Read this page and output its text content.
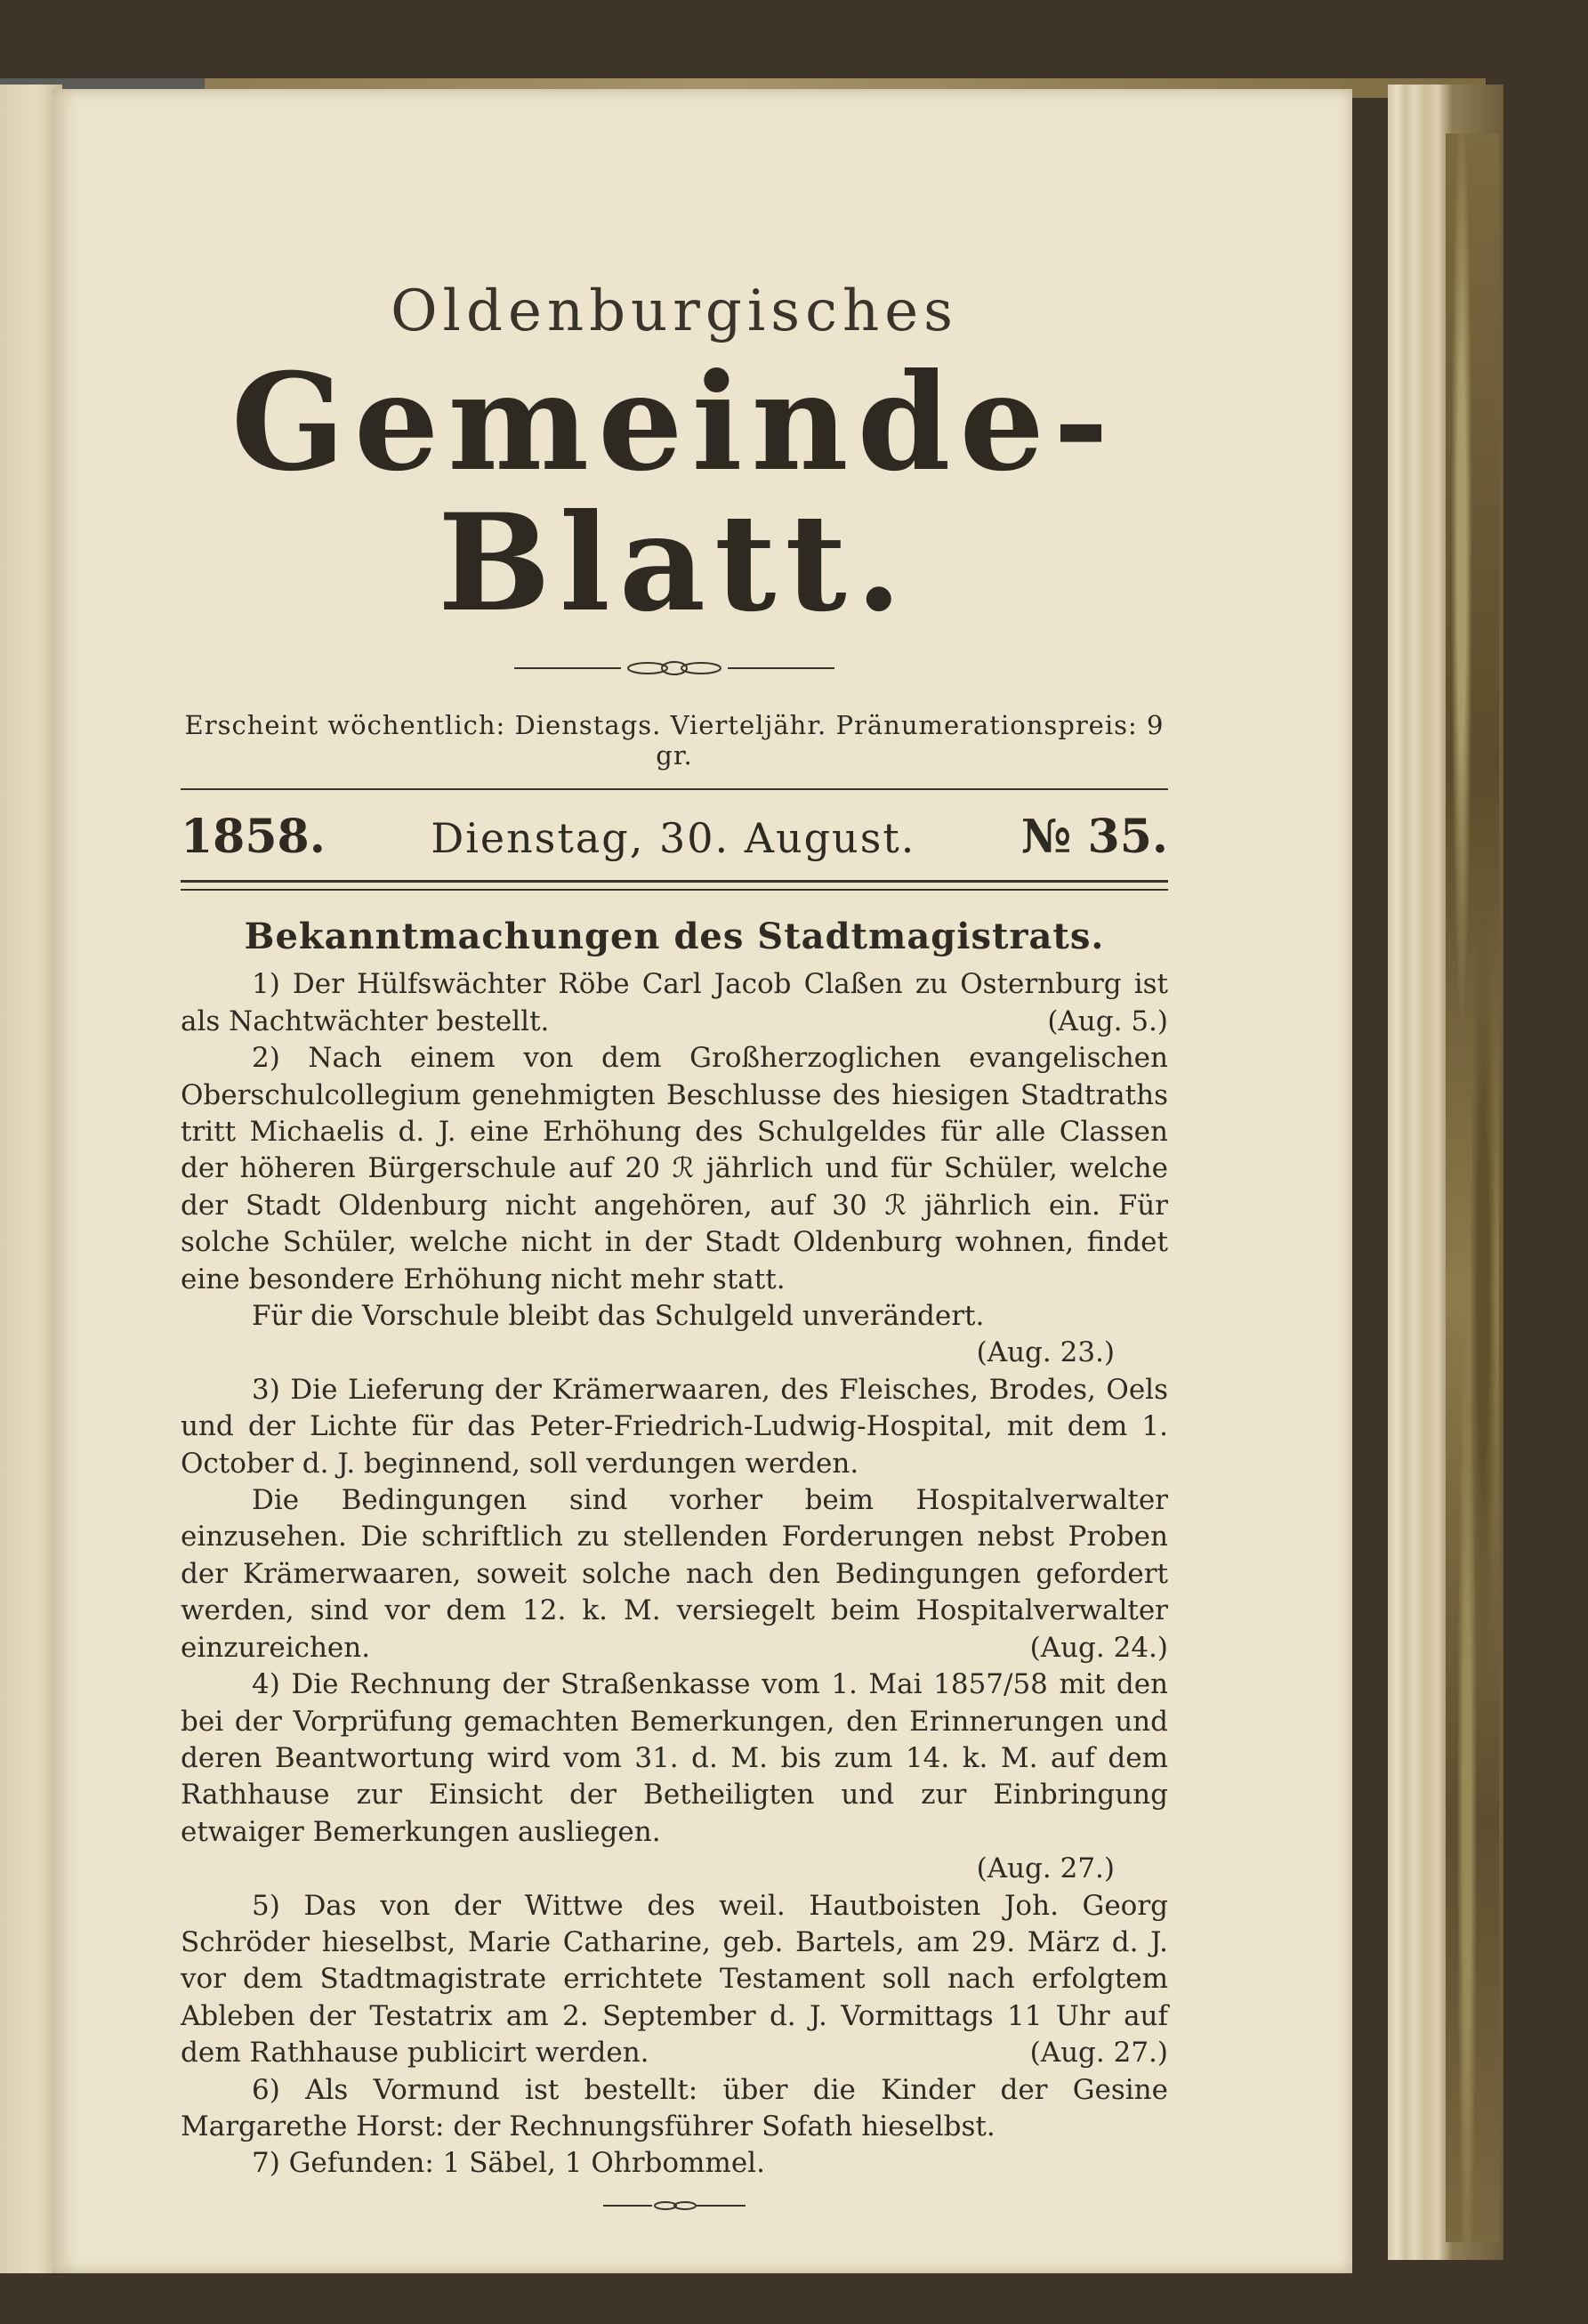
Oldenburgisches
Gemeinde-Blatt.
Erscheint wöchentlich: Dienstags. Vierteljähr. Pränumerationspreis: 9 gr.
1858.	Dienstag, 30. August. № 35.
Bekanntmachungen des Stadtmagistrats.

1) Der Hülfswächter Röbe Carl Jacob Claßen zu Osternburg ist als Nachtwächter bestellt.	(Aug. 5.)

2) Nach einem von dem Großherzoglichen evangelischen Oberschulcollegium genehmigten Beschlusse des hiesigen Stadtraths tritt Michaelis d. J. eine Erhöhung des Schulgeldes für alle Classen der höheren Bürgerschule auf 20 ℛ jährlich und für Schüler, welche der Stadt Oldenburg nicht angehören, auf 30 ℛ jährlich ein. Für solche Schüler, welche nicht in der Stadt Oldenburg wohnen, findet eine besondere Erhöhung nicht mehr statt.

Für die Vorschule bleibt das Schulgeld unverändert.

(Aug. 23.)

3) Die Lieferung der Krämerwaaren, des Fleisches, Brodes, Oels und der Lichte für das Peter-Friedrich-Ludwig-Hospital, mit dem 1. October d. J. beginnend, soll verdungen werden.

Die Bedingungen sind vorher beim Hospitalverwalter einzusehen. Die schriftlich zu stellenden Forderungen nebst Proben der Krämerwaaren, soweit solche nach den Bedingungen gefordert werden, sind vor dem 12. k. M. versiegelt beim Hospitalverwalter einzureichen.	(Aug. 24.)

4) Die Rechnung der Straßenkasse vom 1. Mai 1857/58 mit den bei der Vorprüfung gemachten Bemerkungen, den Erinnerungen und deren Beantwortung wird vom 31. d. M. bis zum 14. k. M. auf dem Rathhause zur Einsicht der Betheiligten und zur Einbringung etwaiger Bemerkungen ausliegen.

(Aug. 27.)

5) Das von der Wittwe des weil. Hautboisten Joh. Georg Schröder hieselbst, Marie Catharine, geb. Bartels, am 29. März d. J. vor dem Stadtmagistrate errichtete Testament soll nach erfolgtem Ableben der Testatrix am 2. September d. J. Vormittags 11 Uhr auf dem Rathhause publicirt werden.	(Aug. 27.)

6) Als Vormund ist bestellt: über die Kinder der Gesine Margarethe Horst: der Rechnungsführer Sofath hieselbst.

7) Gefunden: 1 Säbel, 1 Ohrbommel.
